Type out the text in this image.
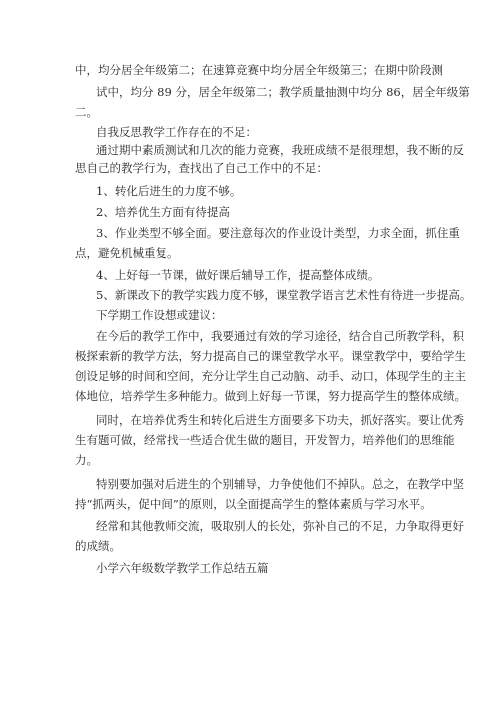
中，均分居全年级第二；在速算竞赛中均分居全年级第三；在期中阶段测
试中，均分 89 分，居全年级第二；教学质量抽测中均分 86，居全年级第
二。
自我反思教学工作存在的不足：
通过期中素质测试和几次的能力竞赛，我班成绩不是很理想，我不断的反
思自己的教学行为，查找出了自己工作中的不足：
1、转化后进生的力度不够。
2、培养优生方面有待提高
3、作业类型不够全面。要注意每次的作业设计类型，力求全面，抓住重
点，避免机械重复。
4、上好每一节课，做好课后辅导工作，提高整体成绩。
5、新课改下的教学实践力度不够，课堂教学语言艺术性有待进一步提高。
下学期工作设想或建议：
在今后的教学工作中，我要通过有效的学习途径，结合自己所教学科，积
极探索新的教学方法，努力提高自己的课堂教学水平。课堂教学中，要给学生
创设足够的时间和空间，充分让学生自己动脑、动手、动口，体现学生的主主
体地位，培养学生多种能力。做到上好每一节课，努力提高学生的整体成绩。
同时，在培养优秀生和转化后进生方面要多下功夫，抓好落实。要让优秀
生有题可做，经常找一些适合优生做的题目，开发智力，培养他们的思维能
力。
特别要加强对后进生的个别辅导，力争使他们不掉队。总之，在教学中坚
持“抓两头，促中间”的原则，以全面提高学生的整体素质与学习水平。
经常和其他教师交流，吸取别人的长处，弥补自己的不足，力争取得更好
的成绩。
小学六年级数学教学工作总结五篇
